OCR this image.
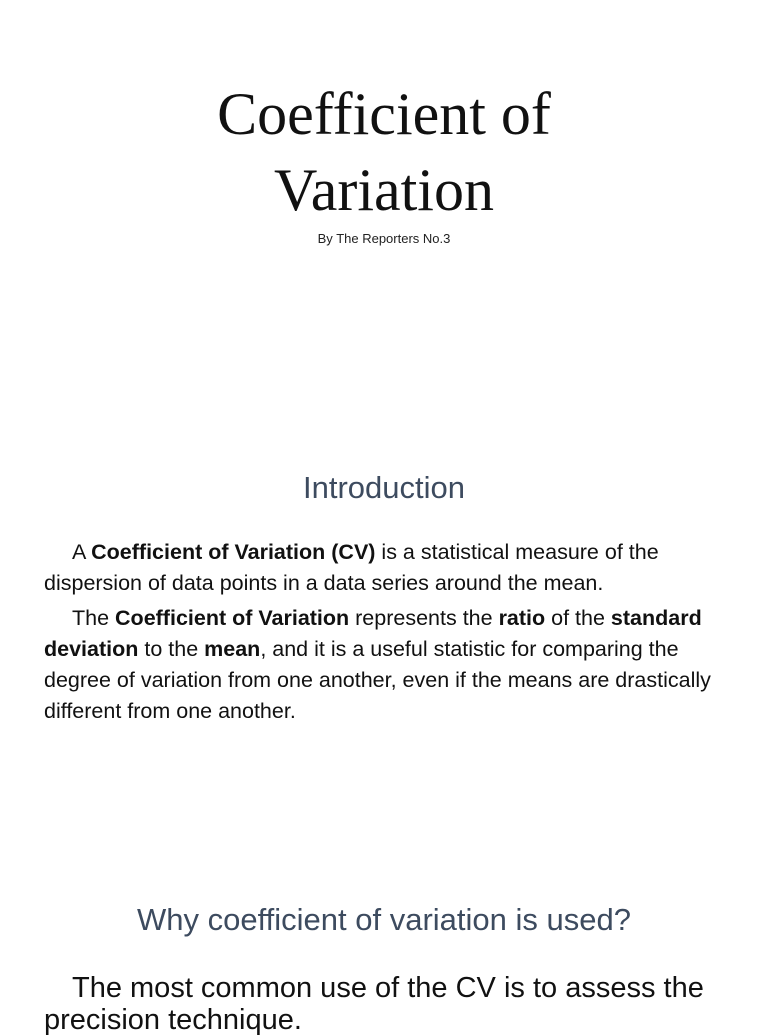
Coefficient of
Variation
By The Reporters No.3
Introduction

A Coefficient of Variation (CV) is a statistical measure of the dispersion of data points in a data series around the mean.

The Coefficient of Variation represents the ratio of the standard deviation to the mean, and it is a useful statistic for comparing the degree of variation from one another, even if the means are drastically different from one another.

Why coefficient of variation is used?

The most common use of the CV is to assess the precision technique.
